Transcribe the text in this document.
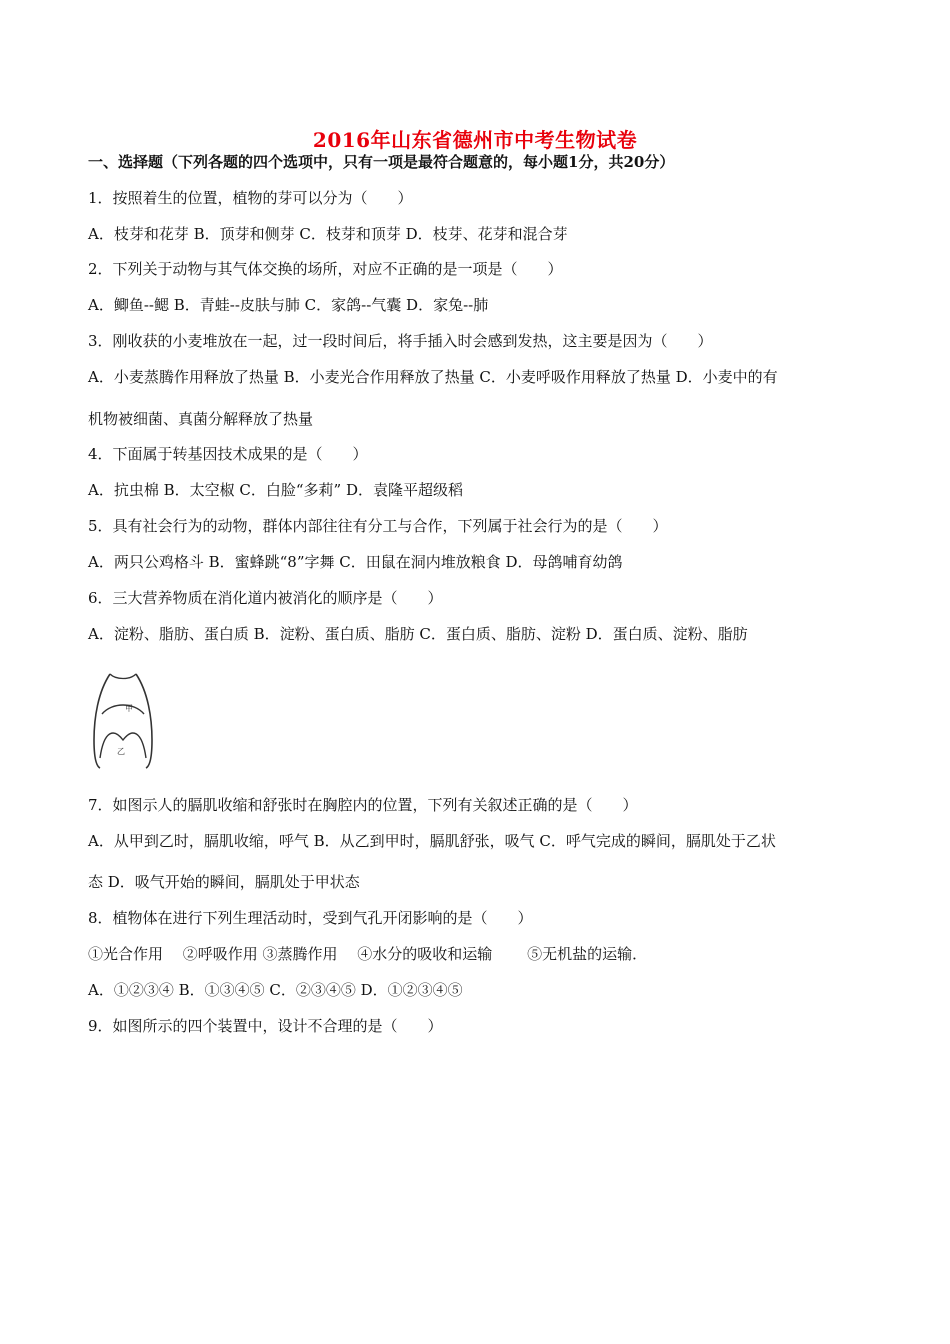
2016年山东省德州市中考生物试卷
一、选择题（下列各题的四个选项中，只有一项是最符合题意的，每小题1分，共20分）
1．按照着生的位置，植物的芽可以分为（　　）
A．枝芽和花芽 B．顶芽和侧芽 C．枝芽和顶芽 D．枝芽、花芽和混合芽
2．下列关于动物与其气体交换的场所，对应不正确的是一项是（　　）
A．鲫鱼--鳃 B．青蛙--皮肤与肺 C．家鸽--气囊 D．家兔--肺
3．刚收获的小麦堆放在一起，过一段时间后，将手插入时会感到发热，这主要是因为（　　）
A．小麦蒸腾作用释放了热量 B．小麦光合作用释放了热量 C．小麦呼吸作用释放了热量 D．小麦中的有
机物被细菌、真菌分解释放了热量
4．下面属于转基因技术成果的是（　　）
A．抗虫棉 B．太空椒 C．白脸“多莉” D．袁隆平超级稻
5．具有社会行为的动物，群体内部往往有分工与合作，下列属于社会行为的是（　　）
A．两只公鸡格斗 B．蜜蜂跳“8”字舞 C．田鼠在洞内堆放粮食 D．母鸽哺育幼鸽
6．三大营养物质在消化道内被消化的顺序是（　　）
A．淀粉、脂肪、蛋白质 B．淀粉、蛋白质、脂肪 C．蛋白质、脂肪、淀粉 D．蛋白质、淀粉、脂肪
甲
乙
7．如图示人的膈肌收缩和舒张时在胸腔内的位置，下列有关叙述正确的是（　　）
A．从甲到乙时，膈肌收缩，呼气 B．从乙到甲时，膈肌舒张，吸气 C．呼气完成的瞬间，膈肌处于乙状
态 D．吸气开始的瞬间，膈肌处于甲状态
8．植物体在进行下列生理活动时，受到气孔开闭影响的是（　　）
①光合作用　 ②呼吸作用 ③蒸腾作用　 ④水分的吸收和运输　　 ⑤无机盐的运输．
A．①②③④ B．①③④⑤ C．②③④⑤ D．①②③④⑤
9．如图所示的四个装置中，设计不合理的是（　　）
